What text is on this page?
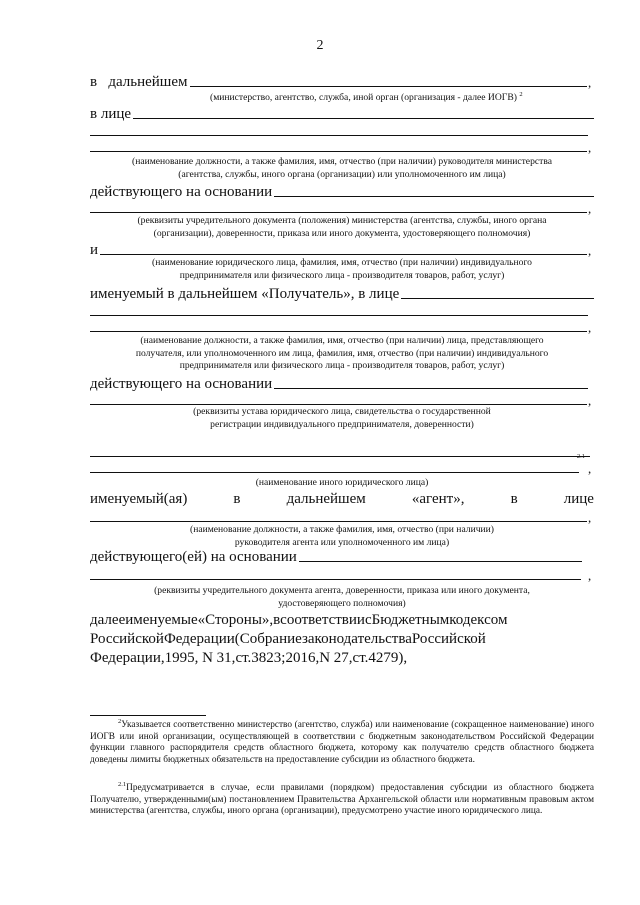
2
в   дальнейшем	,
(министерство, агентство, служба, иной орган (организация - далее ИОГВ) $^2$
в лице
,
(наименование должности, а также фамилия, имя, отчество (при наличии) руководителя министерства
(агентства, службы, иного органа (организации) или уполномоченного им лица)
действующего на основании
,
(реквизиты учредительного документа (положения) министерства (агентства, службы, иного органа
(организации), доверенности, приказа или иного документа, удостоверяющего полномочия)
и	,
(наименование юридического лица, фамилия, имя, отчество (при наличии) индивидуального
предпринимателя или физического лица - производителя товаров, работ, услуг)
именуемый в дальнейшем «Получатель», в лице
,
(наименование должности, а также фамилия, имя, отчество (при наличии) лица, представляющего
получателя, или уполномоченного им лица, фамилия, имя, отчество (при наличии) индивидуального
предпринимателя или физического лица - производителя товаров, работ, услуг)
действующего на основании
,
(реквизиты устава юридического лица, свидетельства о государственной
регистрации индивидуального предпринимателя, доверенности)
2.1
,
(наименование иного юридического лица)
именуемый(ая)	в	дальнейшем	«агент»,	в	лице
,
(наименование должности, а также фамилия, имя, отчество (при наличии)
руководителя агента или уполномоченного им лица)
действующего(ей) на основании
,
(реквизиты учредительного документа агента, доверенности, приказа или иного документа,
удостоверяющего полномочия)
далееименуемые«Стороны»,всоответствиисБюджетнымкодексом
РоссийскойФедерации(СобраниезаконодательстваРоссийской
Федерации,1995, N 31,ст.3823;2016,N 27,ст.4279),
$^2$Указывается соответственно министерство (агентство, служба) или наименование (сокращенное наименование) иного ИОГВ или иной организации, осуществляющей в соответствии с бюджетным законодательством Российской Федерации функции главного распорядителя средств областного бюджета, которому как получателю средств областного бюджета доведены лимиты бюджетных обязательств на предоставление субсидии из областного бюджета.
$^{2.1}$Предусматривается в случае, если правилами (порядком) предоставления субсидии из областного бюджета Получателю, утвержденными(ым) постановлением Правительства Архангельской области или нормативным правовым актом министерства (агентства, службы, иного органа (организации), предусмотрено участие иного юридического лица.
